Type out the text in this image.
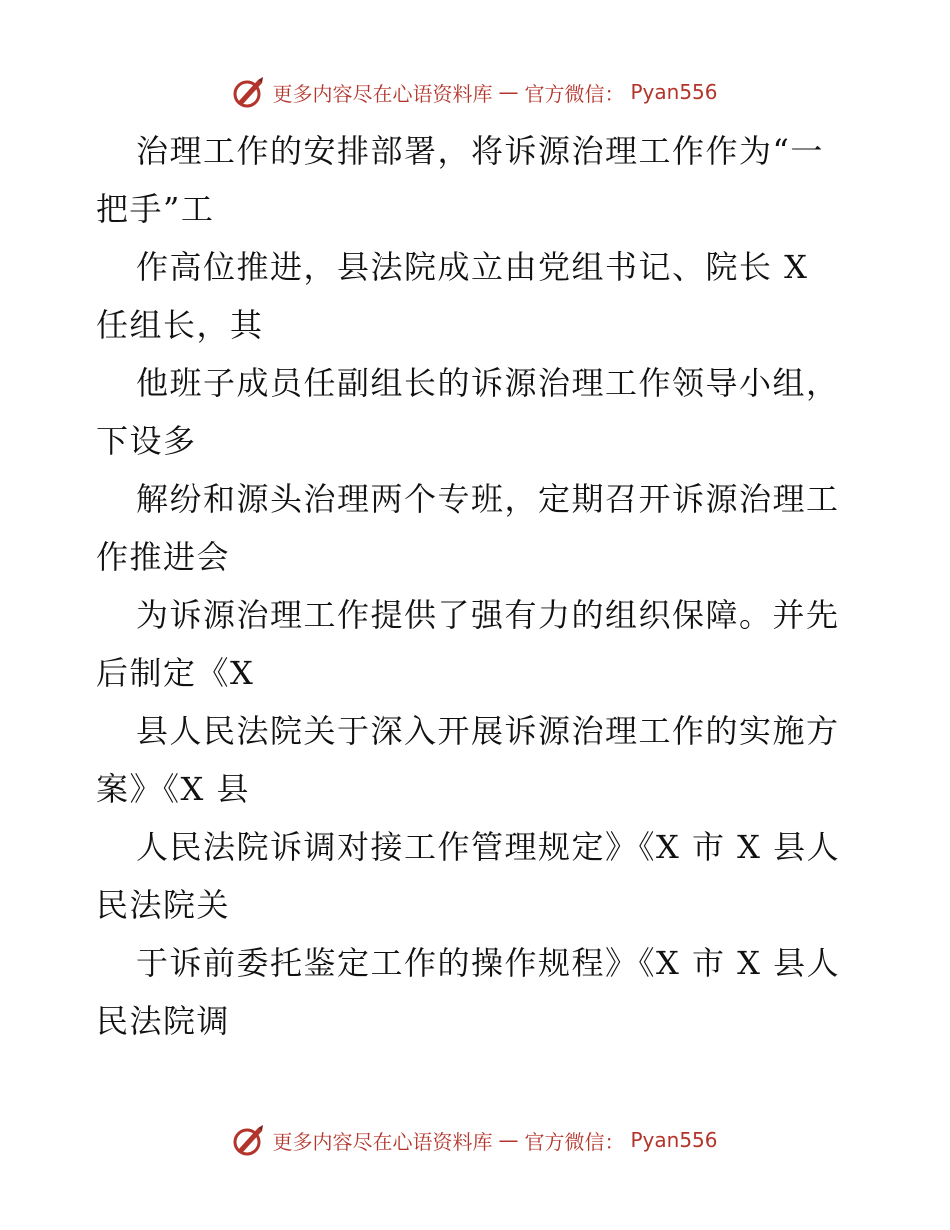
更多内容尽在心语资料库 — 官方微信： Pyan556

治理工作的安排部署，将诉源治理工作作为“一
把手”工

作高位推进，县法院成立由党组书记、院长 X
任组长，其

他班子成员任副组长的诉源治理工作领导小组，
下设多

解纷和源头治理两个专班，定期召开诉源治理工
作推进会

为诉源治理工作提供了强有力的组织保障。并先
后制定《X

县人民法院关于深入开展诉源治理工作的实施方
案》《X 县

人民法院诉调对接工作管理规定》《X 市 X 县人
民法院关

于诉前委托鉴定工作的操作规程》《X 市 X 县人
民法院调

更多内容尽在心语资料库 — 官方微信： Pyan556
